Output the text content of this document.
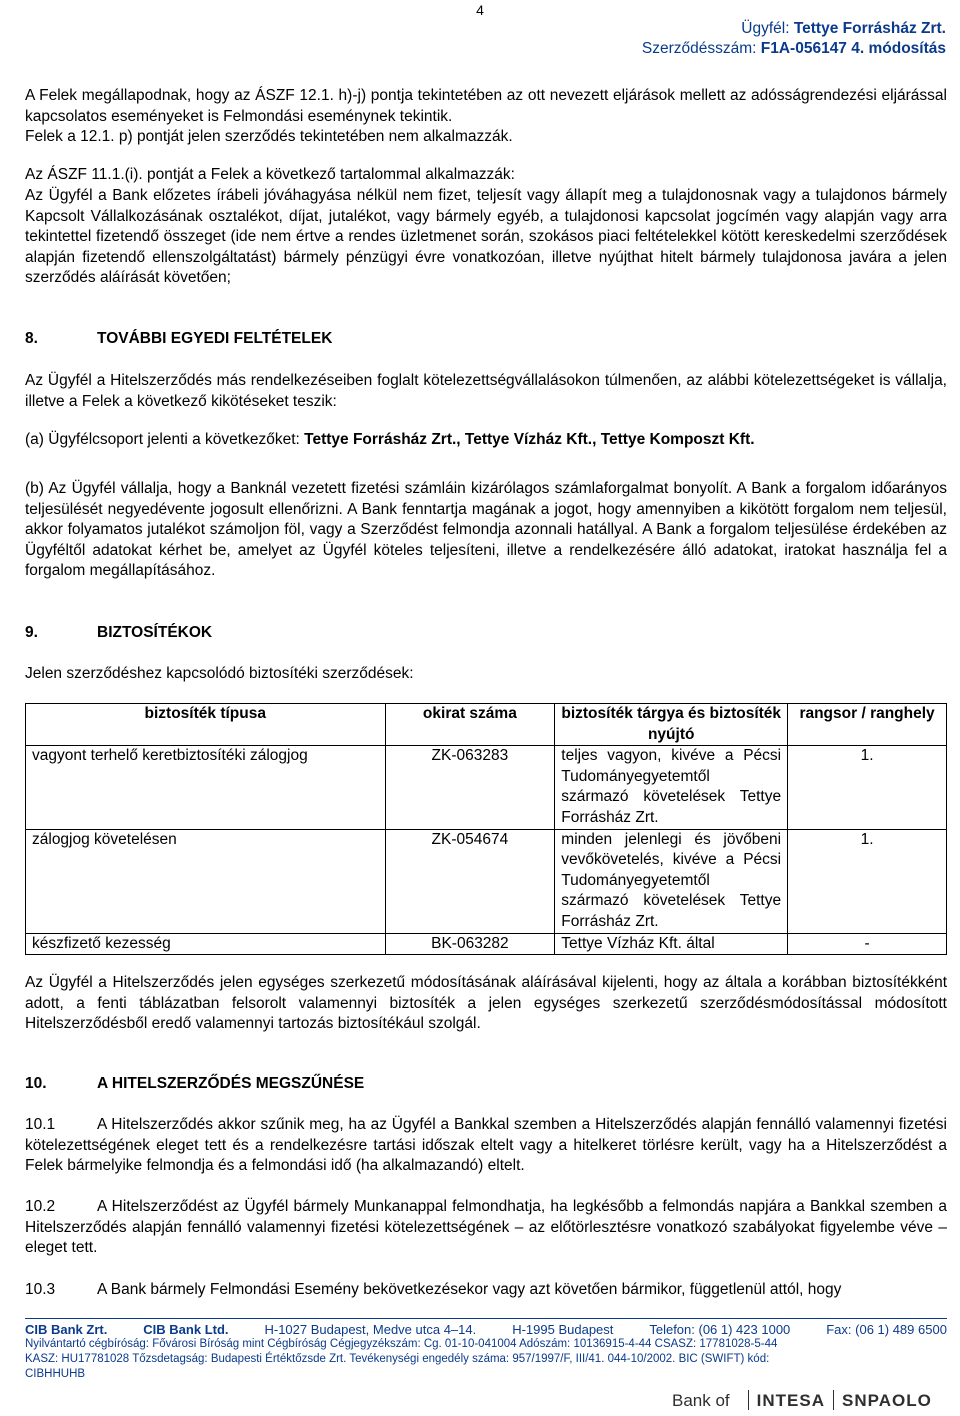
4
Ügyfél: Tettye Forrásház Zrt.
Szerződésszám: F1A-056147 4. módosítás
A Felek megállapodnak, hogy az ÁSZF 12.1. h)-j) pontja tekintetében az ott nevezett eljárások mellett az adósságrendezési eljárással kapcsolatos eseményeket is Felmondási eseménynek tekintik.
Felek a 12.1. p) pontját jelen szerződés tekintetében nem alkalmazzák.
Az ÁSZF 11.1.(i). pontját a Felek a következő tartalommal alkalmazzák:
Az Ügyfél a Bank előzetes írábeli jóváhagyása nélkül nem fizet, teljesít vagy állapít meg a tulajdonosnak vagy a tulajdonos bármely Kapcsolt Vállalkozásának osztalékot, díjat, jutalékot, vagy bármely egyéb, a tulajdonosi kapcsolat jogcímén vagy alapján vagy arra tekintettel fizetendő összeget (ide nem értve a rendes üzletmenet során, szokásos piaci feltételekkel kötött kereskedelmi szerződések alapján fizetendő ellenszolgáltatást) bármely pénzügyi évre vonatkozóan, illetve nyújthat hitelt bármely tulajdonosa javára a jelen szerződés aláírását követően;
8.	TOVÁBBI EGYEDI FELTÉTELEK
Az Ügyfél a Hitelszerződés más rendelkezéseiben foglalt kötelezettségvállalásokon túlmenően, az alábbi kötelezettségeket is vállalja, illetve a Felek a következő kikötéseket teszik:
(a) Ügyfélcsoport jelenti a következőket: Tettye Forrásház Zrt., Tettye Vízház Kft., Tettye Komposzt Kft.
(b) Az Ügyfél vállalja, hogy a Banknál vezetett fizetési számláin kizárólagos számlaforgalmat bonyolít. A Bank a forgalom időarányos teljesülését negyedévente jogosult ellenőrizni. A Bank fenntartja magának a jogot, hogy amennyiben a kikötött forgalom nem teljesül, akkor folyamatos jutalékot számoljon föl, vagy a Szerződést felmondja azonnali hatállyal. A Bank a forgalom teljesülése érdekében az Ügyféltől adatokat kérhet be, amelyet az Ügyfél köteles teljesíteni, illetve a rendelkezésére álló adatokat, iratokat használja fel a forgalom megállapításához.
9.	BIZTOSÍTÉKOK
Jelen szerződéshez kapcsolódó biztosítéki szerződések:
biztosíték típusa	okirat száma	biztosíték tárgya és biztosíték nyújtó	rangsor / ranghely
vagyont terhelő keretbiztosítéki zálogjog	ZK-063283	teljes vagyon, kivéve a Pécsi Tudományegyetemtől származó követelések Tettye Forrásház Zrt.	1.
zálogjog követelésen	ZK-054674	minden jelenlegi és jövőbeni vevőkövetelés, kivéve a Pécsi Tudományegyetemtől származó követelések Tettye Forrásház Zrt.	1.
készfizető kezesség	BK-063282	Tettye Vízház Kft. által	-
Az Ügyfél a Hitelszerződés jelen egységes szerkezetű módosításának aláírásával kijelenti, hogy az általa a korábban biztosítékként adott, a fenti táblázatban felsorolt valamennyi biztosíték a jelen egységes szerkezetű szerződésmódosítással módosított Hitelszerződésből eredő valamennyi tartozás biztosítékául szolgál.
10.	A HITELSZERZŐDÉS MEGSZŰNÉSE
10.1	A Hitelszerződés akkor szűnik meg, ha az Ügyfél a Bankkal szemben a Hitelszerződés alapján fennálló valamennyi fizetési kötelezettségének eleget tett és a rendelkezésre tartási időszak eltelt vagy a hitelkeret törlésre került, vagy ha a Hitelszerződést a Felek bármelyike felmondja és a felmondási idő (ha alkalmazandó) eltelt.
10.2	A Hitelszerződést az Ügyfél bármely Munkanappal felmondhatja, ha legkésőbb a felmondás napjára a Bankkal szemben a Hitelszerződés alapján fennálló valamennyi fizetési kötelezettségének – az előtörlesztésre vonatkozó szabályokat figyelembe véve – eleget tett.
10.3	A Bank bármely Felmondási Esemény bekövetkezésekor vagy azt követően bármikor, függetlenül attól, hogy
CIB Bank Zrt.	CIB Bank Ltd.	H-1027 Budapest, Medve utca 4–14.	H-1995 Budapest	Telefon: (06 1) 423 1000	Fax: (06 1) 489 6500
Nyilvántartó cégbíróság: Fővárosi Bíróság mint Cégbíróság Cégjegyzékszám: Cg. 01-10-041004 Adószám: 10136915-4-44 CSASZ: 17781028-5-44
KASZ: HU17781028 Tőzsdetagság: Budapesti Értéktőzsde Zrt. Tevékenységi engedély száma: 957/1997/F, III/41. 044-10/2002. BIC (SWIFT) kód:
CIBHHUHB
Bank of INTESA SNPAOLO
